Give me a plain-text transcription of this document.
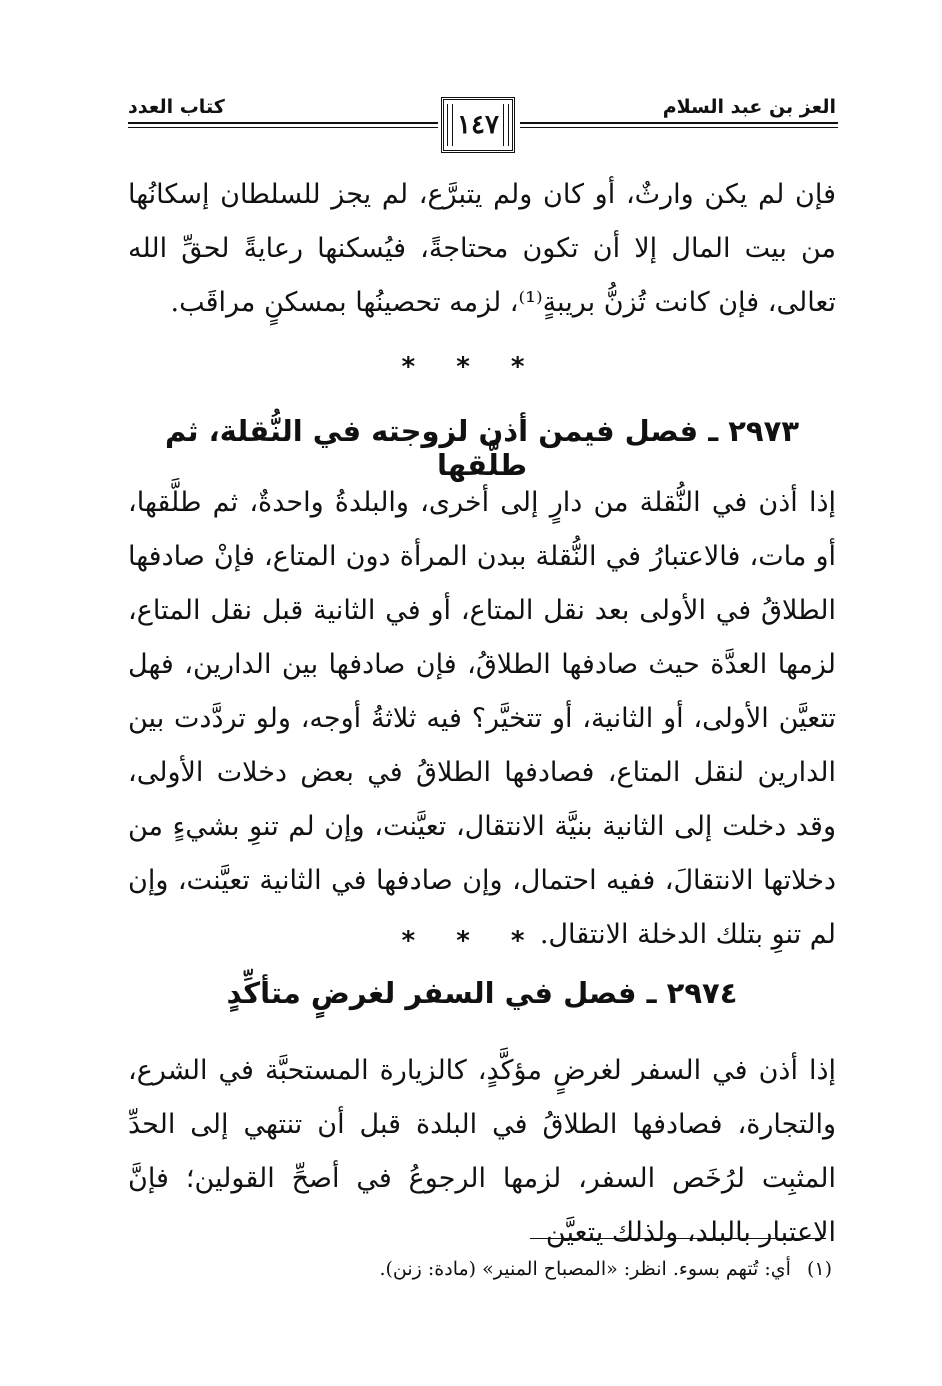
العز بن عبد السلام
كتاب العدد
١٤٧

فإن لم يكن وارثٌ، أو كان ولم يتبرَّع، لم يجز للسلطان إسكانُها من بيت المال إلا أن تكون محتاجةً، فيُسكنها رعايةً لحقِّ الله تعالى، فإن كانت تُزنُّ بريبةٍ⁽¹⁾، لزمه تحصينُها بمسكنٍ مراقَب.

* * *
٢٩٧٣ ـ فصل فيمن أذن لزوجته في النُّقلة، ثم طلَّقها

إذا أذن في النُّقلة من دارٍ إلى أخرى، والبلدةُ واحدةٌ، ثم طلَّقها، أو مات، فالاعتبارُ في النُّقلة ببدن المرأة دون المتاع، فإنْ صادفها الطلاقُ في الأولى بعد نقل المتاع، أو في الثانية قبل نقل المتاع، لزمها العدَّة حيث صادفها الطلاقُ، فإن صادفها بين الدارين، فهل تتعيَّن الأولى، أو الثانية، أو تتخيَّر؟ فيه ثلاثةُ أوجه، ولو تردَّدت بين الدارين لنقل المتاع، فصادفها الطلاقُ في بعض دخلات الأولى، وقد دخلت إلى الثانية بنيَّة الانتقال، تعيَّنت، وإن لم تنوِ بشيءٍ من دخلاتها الانتقالَ، ففيه احتمال، وإن صادفها في الثانية تعيَّنت، وإن لم تنوِ بتلك الدخلة الانتقال.

* * *
٢٩٧٤ ـ فصل في السفر لغرضٍ متأكِّدٍ

إذا أذن في السفر لغرضٍ مؤكَّدٍ، كالزيارة المستحبَّة في الشرع، والتجارة، فصادفها الطلاقُ في البلدة قبل أن تنتهي إلى الحدِّ المثبِت لرُخَص السفر، لزمها الرجوعُ في أصحِّ القولين؛ فإنَّ الاعتبار بالبلد، ولذلك يتعيَّن

(١)أي: تُتهم بسوء. انظر: «المصباح المنير» (مادة: زنن).
